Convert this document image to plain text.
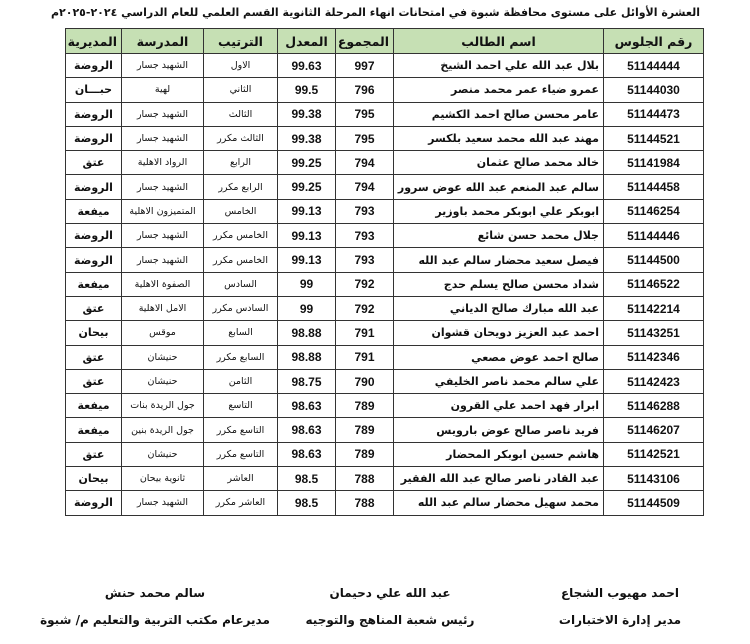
العشرة الأوائل على مستوى محافظة شبوة في امتحانات انهاء المرحلة الثانوية القسم العلمي للعام الدراسي ٢٠٢٤-٢٠٢٥م
رقم الجلوس	اسم الطالب	المجموع	المعدل	الترتيب	المدرسة	المديرية
51144444	بلال عبد الله علي احمد الشيخ	997	99.63	الاول	الشهيد جسار	الروضة
51144030	عمرو ضياء عمر محمد منصر	796	99.5	الثاني	لهية	حبـــان
51144473	عامر محسن صالح احمد الكشيم	795	99.38	الثالث	الشهيد جسار	الروضة
51144521	مهند عبد الله محمد سعيد بلكسر	795	99.38	الثالث مكرر	الشهيد جسار	الروضة
51141984	خالد محمد صالح عثمان	794	99.25	الرابع	الرواد الاهلية	عتق
51144458	سالم عبد المنعم عبد الله عوض سرور	794	99.25	الرابع مكرر	الشهيد جسار	الروضة
51146254	ابوبكر علي ابوبكر محمد باوزير	793	99.13	الخامس	المتميزون الاهلية	ميفعة
51144446	جلال محمد حسن شائع	793	99.13	الخامس مكرر	الشهيد جسار	الروضة
51144500	فيصل سعيد محضار سالم عبد الله	793	99.13	الخامس مكرر	الشهيد جسار	الروضة
51146522	شداد محسن صالح يسلم حدج	792	99	السادس	الصفوة الاهلية	ميفعة
51142214	عبد الله مبارك صالح الدياني	792	99	السادس مكرر	الامل الاهلية	عتق
51143251	احمد عبد العزيز دويحان قشوان	791	98.88	السابع	موقس	بيحان
51142346	صالح احمد عوض مصعي	791	98.88	السابع مكرر	حنيشان	عتق
51142423	علي سالم محمد ناصر الخليفي	790	98.75	الثامن	حنيشان	عتق
51146288	ابرار فهد احمد علي القرون	789	98.63	التاسع	جول الريدة بنات	ميفعة
51146207	فريد ناصر صالح عوض بارويس	789	98.63	التاسع مكرر	جول الريدة بنين	ميفعة
51142521	هاشم حسين ابوبكر المحضار	789	98.63	التاسع مكرر	حنيشان	عتق
51143106	عبد القادر ناصر صالح عبد الله الفقير	788	98.5	العاشر	ثانوية بيحان	بيحان
51144509	محمد سهيل محضار سالم عبد الله	788	98.5	العاشر مكرر	الشهيد جسار	الروضة
احمد مهيوب الشجاع
مدير إدارة الاختبارات
عبد الله علي دحيمان
رئيس شعبة المناهج والتوجيه
سالم محمد حنش
مديرعام مكتب التربية والتعليم م/ شبوة
